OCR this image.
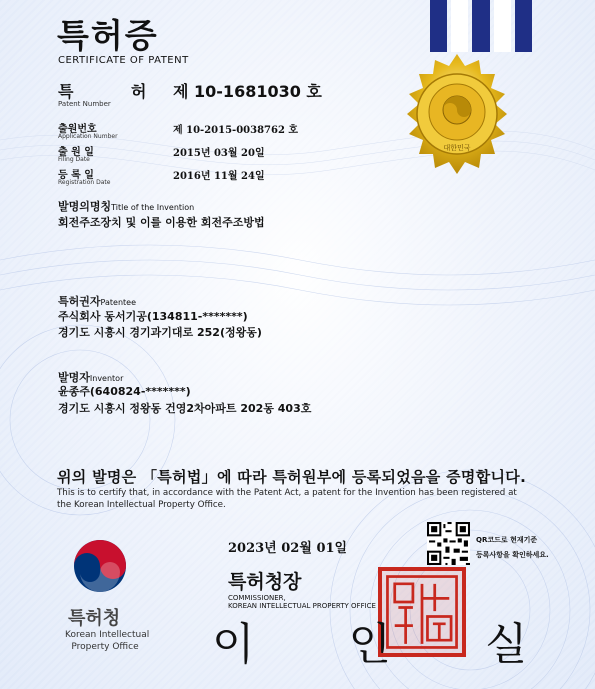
대한민국
특허증
CERTIFICATE OF PATENT
특 허 제 10-1681030 호
Patent Number
출원번호
Application Number
제 10-2015-0038762 호
출 원 일
Filing Date
2015년 03월 20일
등 록 일
Registration Date
2016년 11월 24일
발명의명칭Title of the Invention
회전주조장치 및 이를 이용한 회전주조방법
특허권자Patentee
주식회사 동서기공(134811-*******)
경기도 시흥시 경기과기대로 252(정왕동)
발명자Inventor
윤종주(640824-*******)
경기도 시흥시 정왕동 건영2차아파트 202동 403호
위의 발명은 「특허법」에 따라 특허원부에 등록되었음을 증명합니다.
This is to certify that, in accordance with the Patent Act, a patent for the Invention has been registered at
the Korean Intellectual Property Office.
2023년 02월 01일
QR코드로 현재기준
등록사항을 확인하세요.
특허청장
COMMISSIONER,
KOREAN INTELLECTUAL PROPERTY OFFICE
이 인 실
특허청
Korean Intellectual
Property Office
